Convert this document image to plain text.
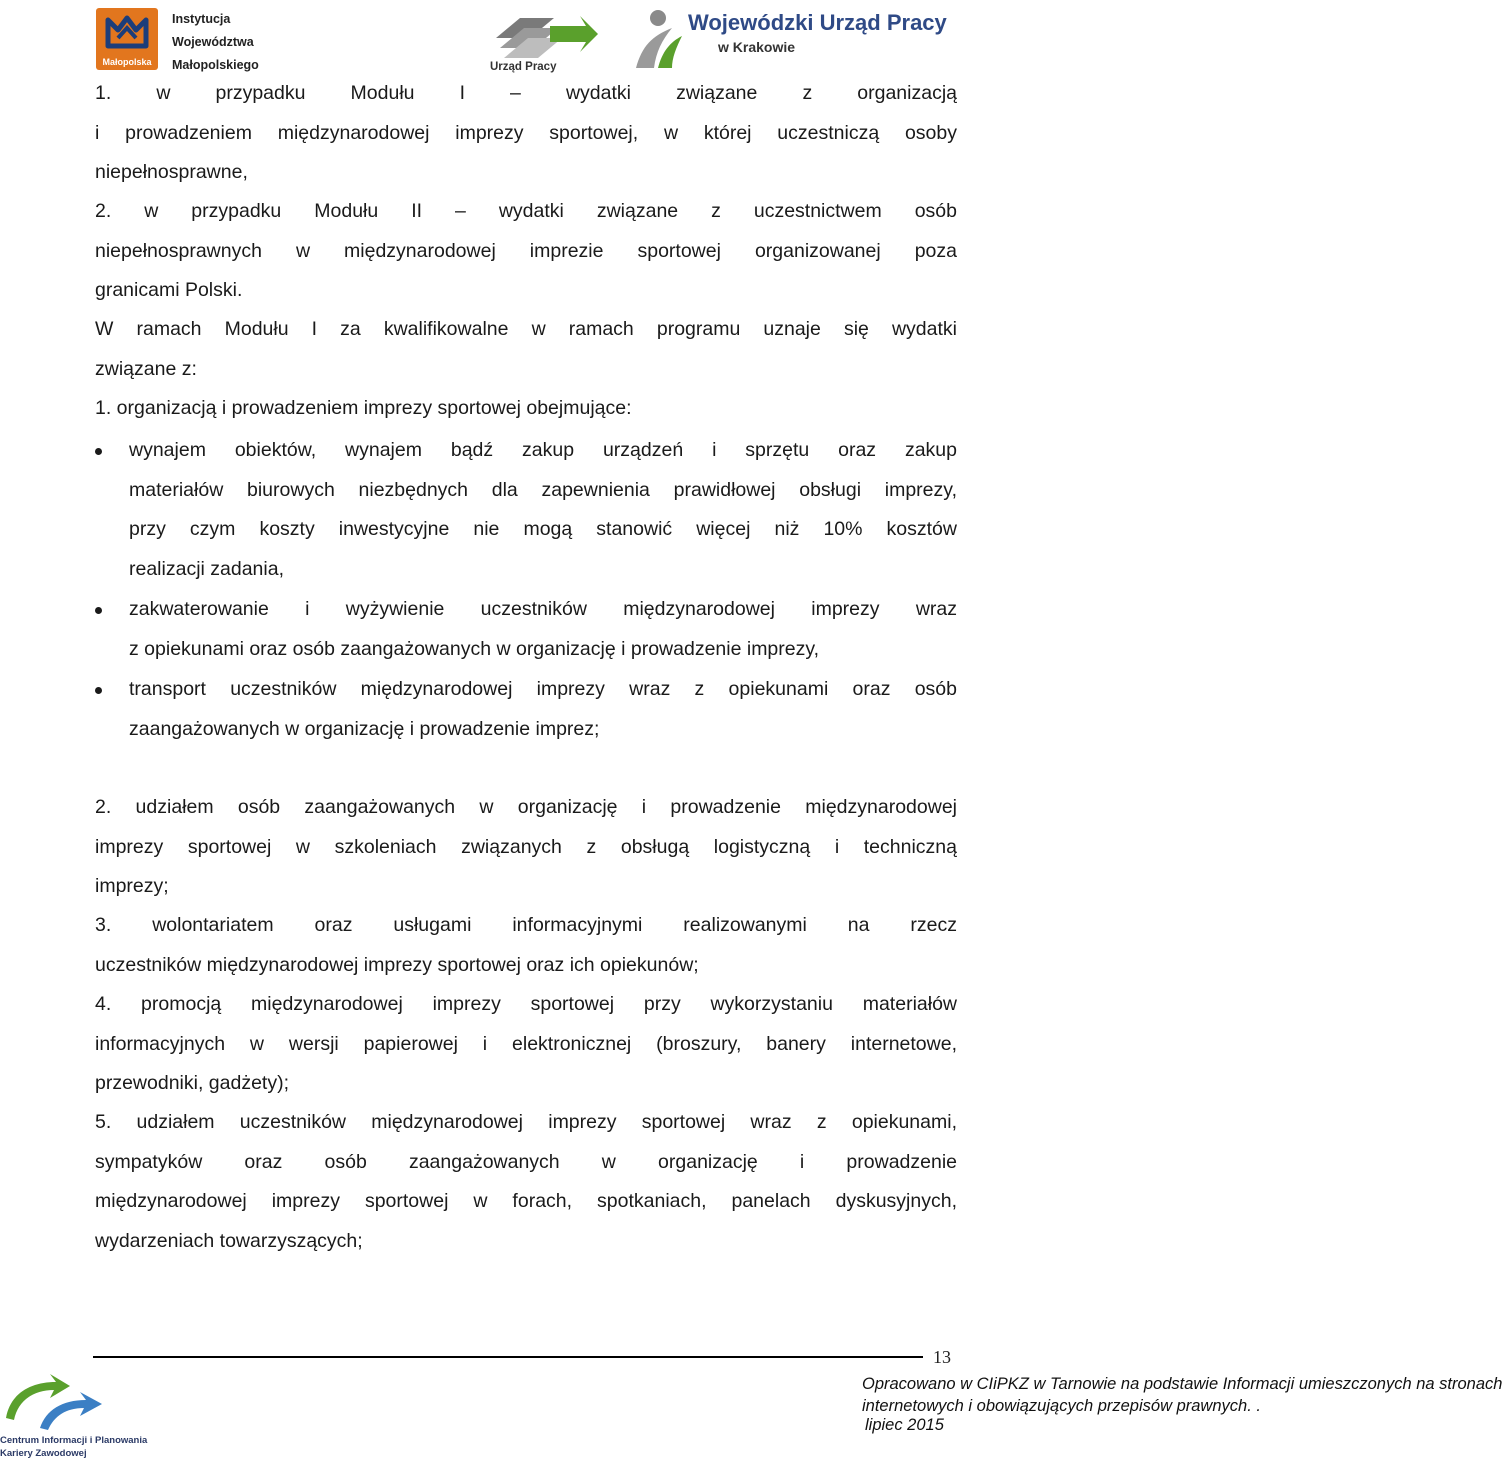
Małopolska
Instytucja
Województwa
Małopolskiego	Urząd Pracy
Wojewódzki Urząd Pracy
w Krakowie
1. w przypadku Modułu I – wydatki związane z organizacją
i prowadzeniem międzynarodowej imprezy sportowej, w której uczestniczą osoby
niepełnosprawne,
2. w przypadku Modułu II – wydatki związane z uczestnictwem osób
niepełnosprawnych w międzynarodowej imprezie sportowej organizowanej poza
granicami Polski.
W ramach Modułu I za kwalifikowalne w ramach programu uznaje się wydatki
związane z:
1. organizacją i prowadzeniem imprezy sportowej obejmujące:
wynajem obiektów, wynajem bądź zakup urządzeń i sprzętu oraz zakup
materiałów biurowych niezbędnych dla zapewnienia prawidłowej obsługi imprezy,
przy czym koszty inwestycyjne nie mogą stanowić więcej niż 10% kosztów
realizacji zadania,
zakwaterowanie i wyżywienie uczestników międzynarodowej imprezy wraz
z opiekunami oraz osób zaangażowanych w organizację i prowadzenie imprezy,
transport uczestników międzynarodowej imprezy wraz z opiekunami oraz osób
zaangażowanych w organizację i prowadzenie imprez;
2. udziałem osób zaangażowanych w organizację i prowadzenie międzynarodowej
imprezy sportowej w szkoleniach związanych z obsługą logistyczną i techniczną
imprezy;
3. wolontariatem oraz usługami informacyjnymi realizowanymi na rzecz
uczestników międzynarodowej imprezy sportowej oraz ich opiekunów;
4. promocją międzynarodowej imprezy sportowej przy wykorzystaniu materiałów
informacyjnych w wersji papierowej i elektronicznej (broszury, banery internetowe,
przewodniki, gadżety);
5. udziałem uczestników międzynarodowej imprezy sportowej wraz z opiekunami,
sympatyków oraz osób zaangażowanych w organizację i prowadzenie
międzynarodowej imprezy sportowej w forach, spotkaniach, panelach dyskusyjnych,
wydarzeniach towarzyszących;
13
Opracowano w CIiPKZ w Tarnowie na podstawie Informacji umieszczonych na stronach
internetowych i obowiązujących przepisów prawnych. .
lipiec 2015
Centrum Informacji i Planowania
Kariery Zawodowej
